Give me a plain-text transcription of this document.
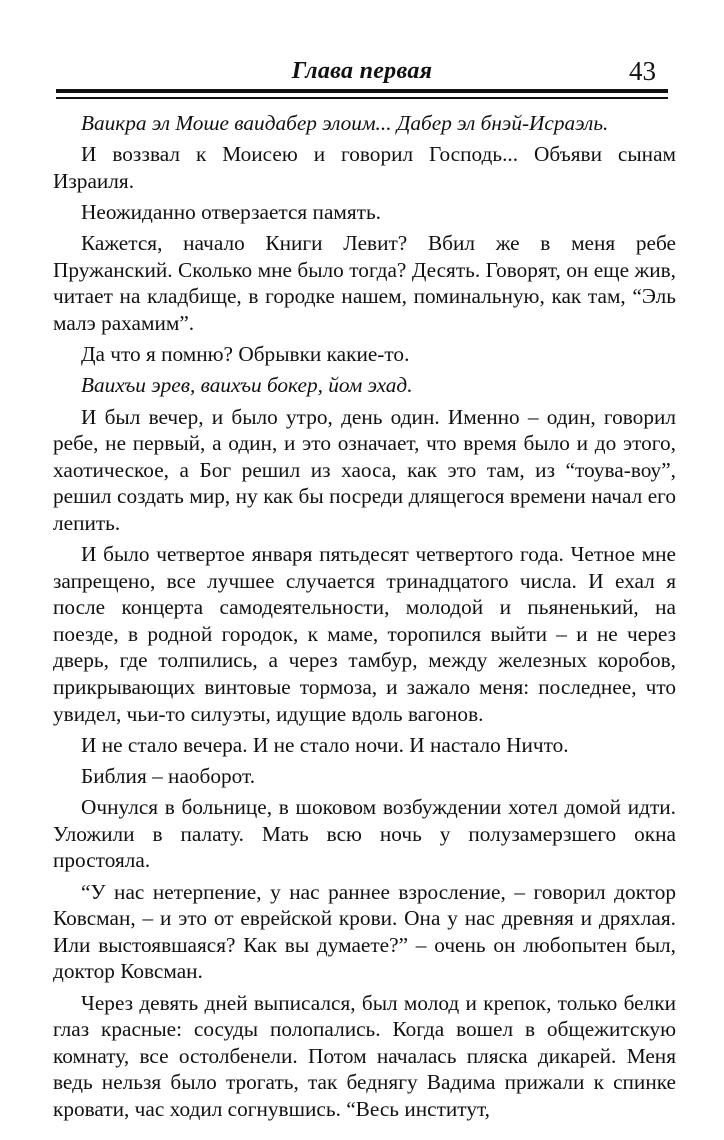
Глава первая	43

Ваикра эл Моше ваидабер элоим... Дабер эл бнэй-Исраэль.

И воззвал к Моисею и говорил Господь... Объяви сынам Израиля.

Неожиданно отверзается память.

Кажется, начало Книги Левит? Вбил же в меня ребе Пружанский. Сколько мне было тогда? Десять. Говорят, он еще жив, читает на кладбище, в городке нашем, поминальную, как там, “Эль малэ рахамим”.

Да что я помню? Обрывки какие-то.

Ваихъи эрев, ваихъи бокер, йом эхад.

И был вечер, и было утро, день один. Именно – один, говорил ребе, не первый, а один, и это означает, что время было и до этого, хаотическое, а Бог решил из хаоса, как это там, из “тоува-воу”, решил создать мир, ну как бы посреди длящегося времени начал его лепить.

И было четвертое января пятьдесят четвертого года. Четное мне запрещено, все лучшее случается тринадцатого числа. И ехал я после концерта самодеятельности, молодой и пьяненький, на поезде, в родной городок, к маме, торопился выйти – и не через дверь, где толпились, а через тамбур, между железных коробов, прикрывающих винтовые тормоза, и зажало меня: последнее, что увидел, чьи-то силуэты, идущие вдоль вагонов.

И не стало вечера. И не стало ночи. И настало Ничто.

Библия – наоборот.

Очнулся в больнице, в шоковом возбуждении хотел домой идти. Уложили в палату. Мать всю ночь у полузамерзшего окна простояла.

“У нас нетерпение, у нас раннее взросление, – говорил доктор Ковсман, – и это от еврейской крови. Она у нас древняя и дряхлая. Или выстоявшаяся? Как вы думаете?” – очень он любопытен был, доктор Ковсман.

Через девять дней выписался, был молод и крепок, только белки глаз красные: сосуды полопались. Когда вошел в общежитскую комнату, все остолбенели. Потом началась пляска дикарей. Меня ведь нельзя было трогать, так беднягу Вадима прижали к спинке кровати, час ходил согнувшись. “Весь институт,
